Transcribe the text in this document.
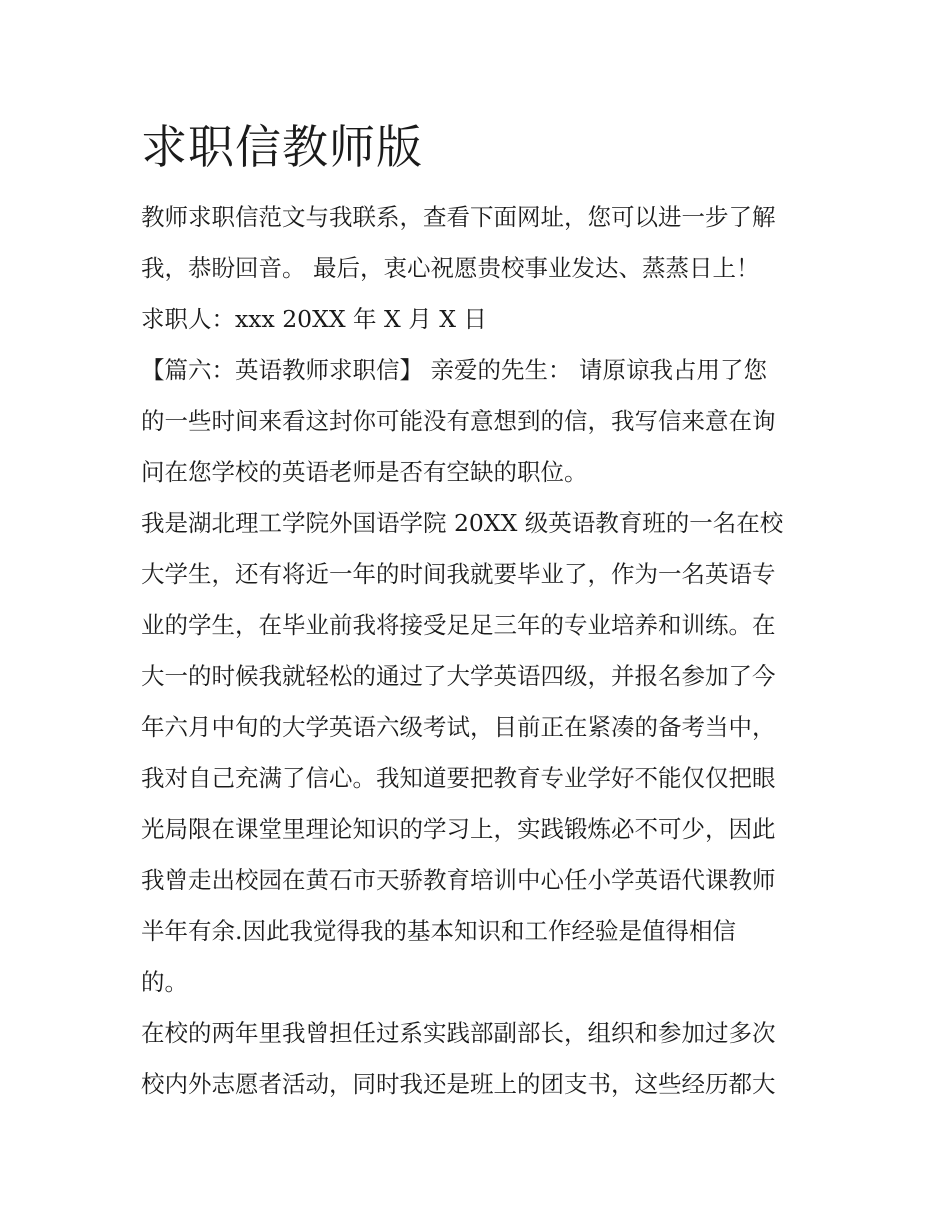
求职信教师版

教师求职信范文与我联系，查看下面网址，您可以进一步了解
我，恭盼回音。 最后，衷心祝愿贵校事业发达、蒸蒸日上！

求职人：xxx 20XX 年 X 月 X 日

【篇六：英语教师求职信】 亲爱的先生： 请原谅我占用了您
的一些时间来看这封你可能没有意想到的信，我写信来意在询
问在您学校的英语老师是否有空缺的职位。

我是湖北理工学院外国语学院 20XX 级英语教育班的一名在校
大学生，还有将近一年的时间我就要毕业了，作为一名英语专
业的学生，在毕业前我将接受足足三年的专业培养和训练。在
大一的时候我就轻松的通过了大学英语四级，并报名参加了今
年六月中旬的大学英语六级考试，目前正在紧凑的备考当中，
我对自己充满了信心。我知道要把教育专业学好不能仅仅把眼
光局限在课堂里理论知识的学习上，实践锻炼必不可少，因此
我曾走出校园在黄石市天骄教育培训中心任小学英语代课教师
半年有余.因此我觉得我的基本知识和工作经验是值得相信
的。

在校的两年里我曾担任过系实践部副部长，组织和参加过多次
校内外志愿者活动，同时我还是班上的团支书，这些经历都大
